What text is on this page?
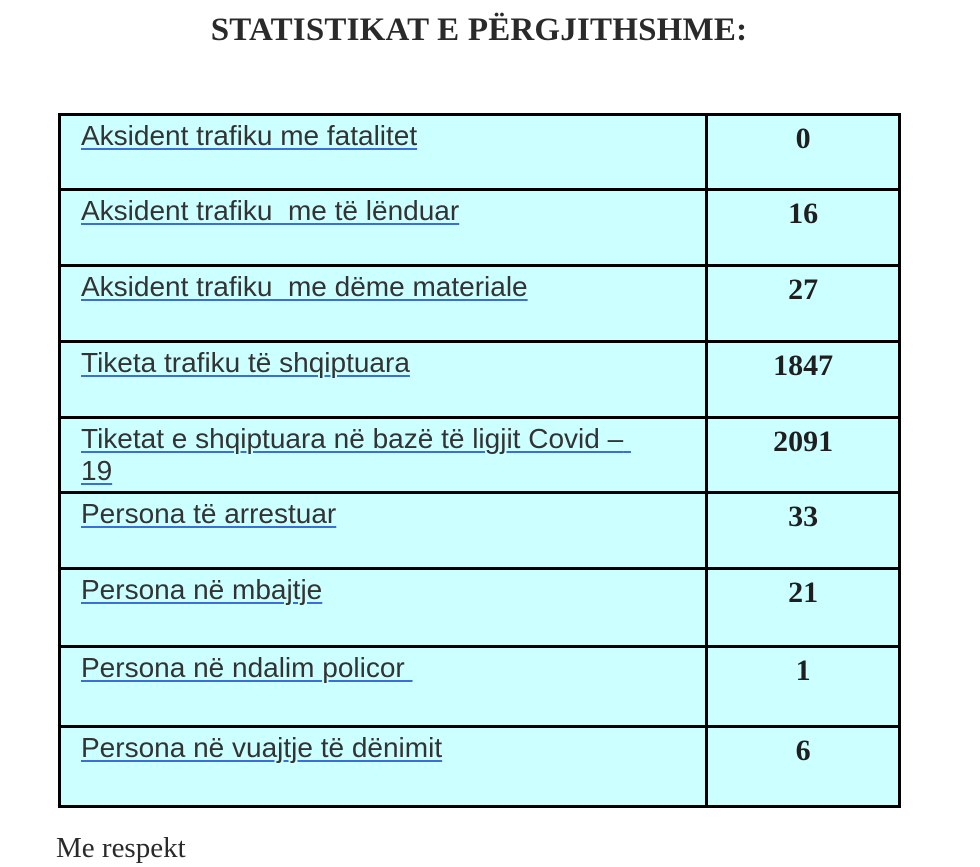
STATISTIKAT E PËRGJITHSHME:
Aksident trafiku me fatalitet	0
Aksident trafiku  me të lënduar	16
Aksident trafiku  me dëme materiale	27
Tiketa trafiku të shqiptuara	1847
Tiketat e shqiptuara në bazë të ligjit Covid – 19	2091
Persona të arrestuar	33
Persona në mbajtje	21
Persona në ndalim policor	1
Persona në vuajtje të dënimit	6
Me respekt
